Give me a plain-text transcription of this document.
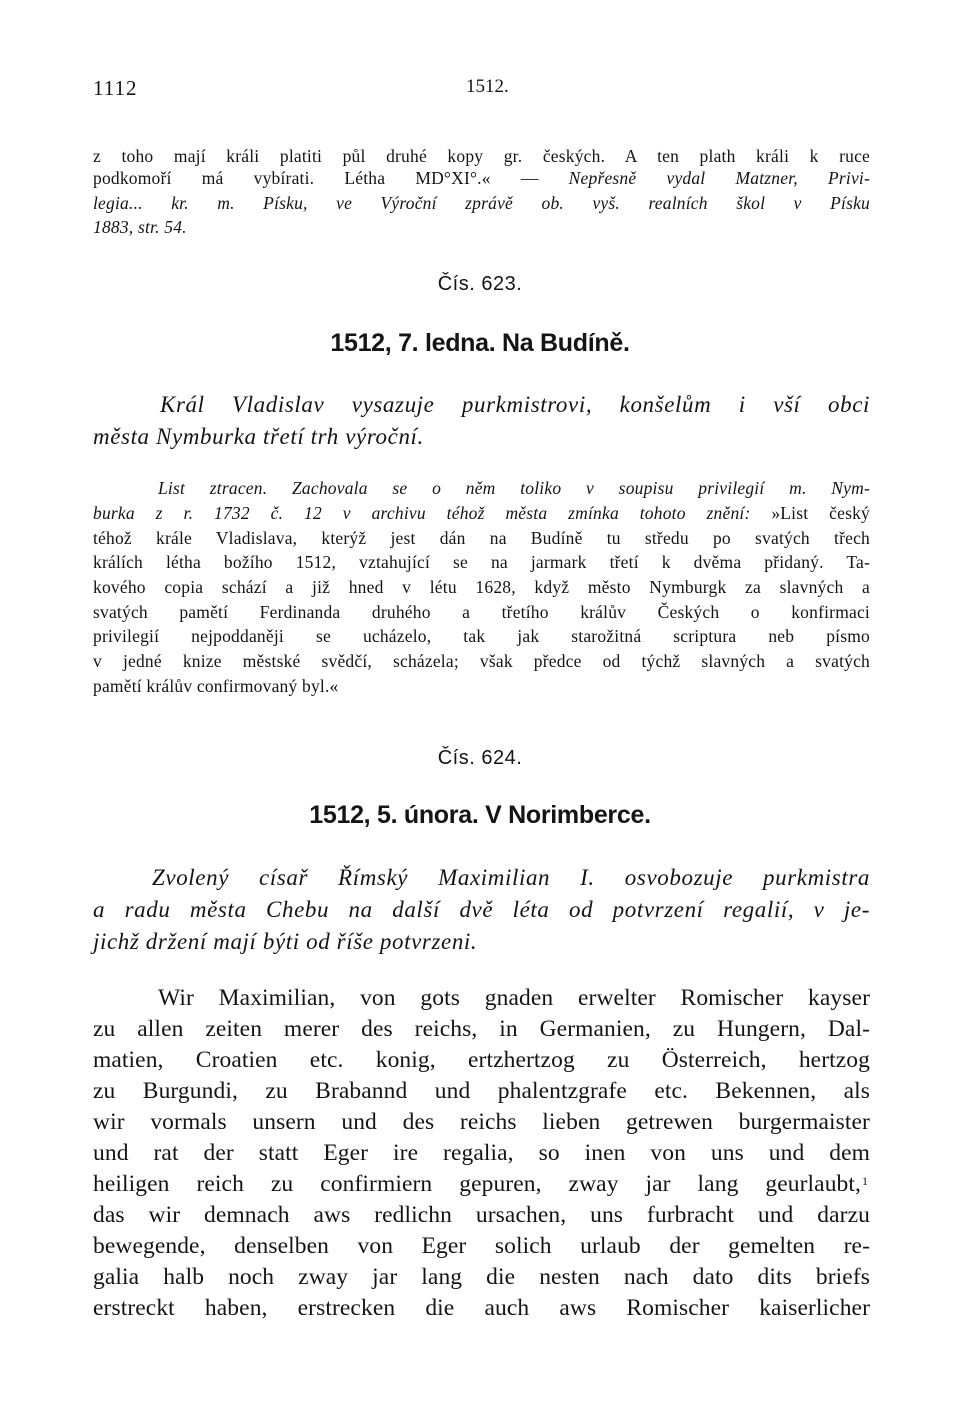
1112	1512.
z toho mají králi platiti půl druhé kopy gr. českých. A ten plath králi k ruce
podkomoří má vybírati. Létha MD°XI°.« — Nepřesně vydal Matzner, Privi-
legia... kr. m. Písku, ve Výroční zprávě ob. vyš. realních škol v Písku
1883, str. 54.
Čís. 623.
1512, 7. ledna. Na Budíně.
Král Vladislav vysazuje purkmistrovi, konšelům i vší obci
města Nymburka třetí trh výroční.
List ztracen. Zachovala se o něm toliko v soupisu privilegií m. Nym-
burka z r. 1732 č. 12 v archivu téhož města zmínka tohoto znění: »List český
téhož krále Vladislava, kterýž jest dán na Budíně tu středu po svatých třech
králích létha božího 1512, vztahující se na jarmark třetí k dvěma přidaný. Ta-
kového copia schází a již hned v létu 1628, když město Nymburgk za slavných a
svatých pamětí Ferdinanda druhého a třetího králův Českých o konfirmaci
privilegií nejpoddaněji se ucházelo, tak jak starožitná scriptura neb písmo
v jedné knize městské svědčí, scházela; však předce od týchž slavných a svatých
pamětí králův confirmovaný byl.«
Čís. 624.
1512, 5. února. V Norimberce.
Zvolený císař Římský Maximilian I. osvobozuje purkmistra
a radu města Chebu na další dvě léta od potvrzení regalií, v je-
jichž držení mají býti od říše potvrzeni.
Wir Maximilian, von gots gnaden erwelter Romischer kayser
zu allen zeiten merer des reichs, in Germanien, zu Hungern, Dal-
matien, Croatien etc. konig, ertzhertzog zu Österreich, hertzog
zu Burgundi, zu Brabannd und phalentzgrafe etc. Bekennen, als
wir vormals unsern und des reichs lieben getrewen burgermaister
und rat der statt Eger ire regalia, so inen von uns und dem
heiligen reich zu confirmiern gepuren, zway jar lang geurlaubt, 1
das wir demnach aws redlichn ursachen, uns furbracht und darzu
bewegende, denselben von Eger solich urlaub der gemelten re-
galia halb noch zway jar lang die nesten nach dato dits briefs
erstreckt haben, erstrecken die auch aws Romischer kaiserlicher
